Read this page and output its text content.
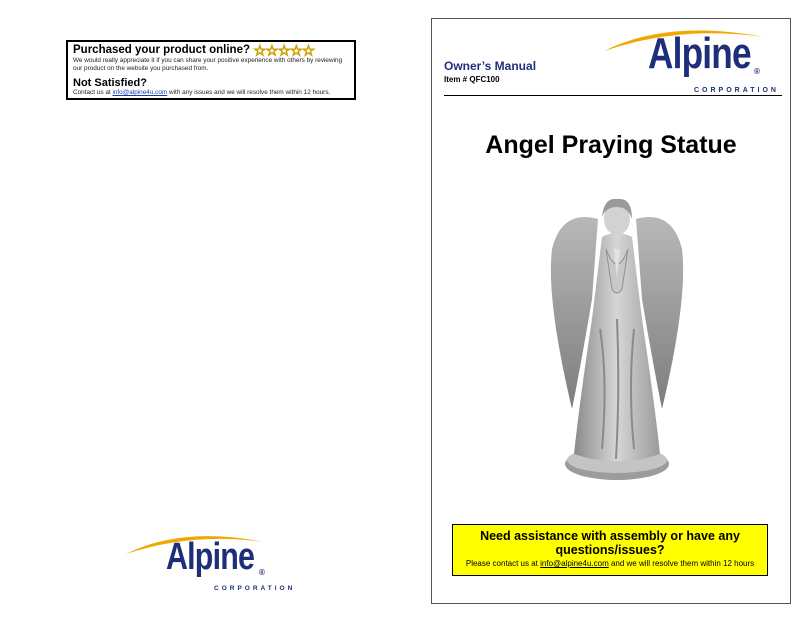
Purchased your product online? ★ ★ ★ ★ ★
We would really appreciate it if you can share your positive experience with others by reviewing our product on the website you purchased from.
Not Satisfied?
Contact us at info@alpine4u.com with any issues and we will resolve them within 12 hours.
Alpine ®
CORPORATION
Alpine ®
CORPORATION
Owner’s Manual
Item # QFC100
Angel Praying Statue
Need assistance with assembly or have any questions/issues?
Please contact us at info@alpine4u.com and we will resolve them within 12 hours
